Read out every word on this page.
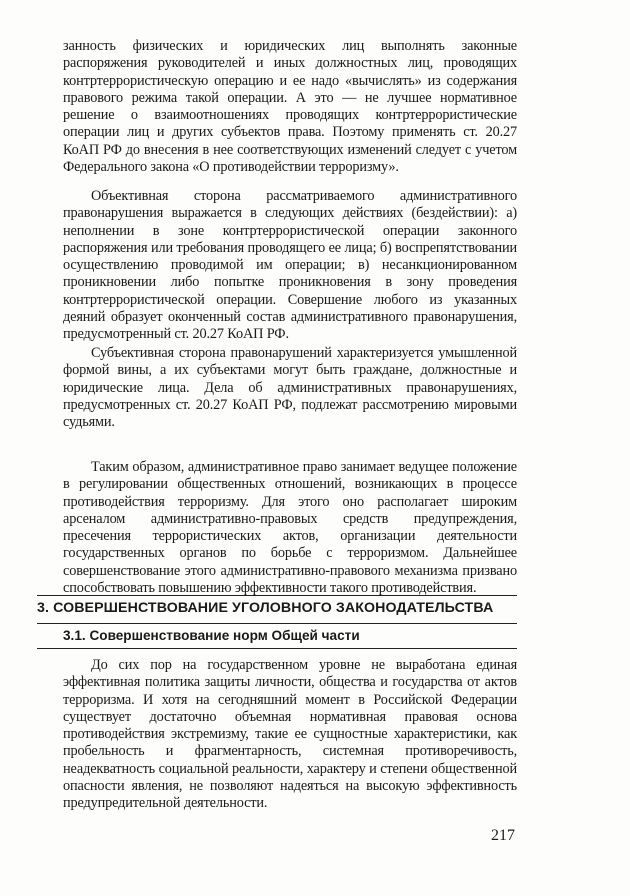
занность физических и юридических лиц выполнять законные распоряжения руководителей и иных должностных лиц, проводящих контртеррористическую операцию и ее надо «вычислять» из содержания правового режима такой операции. А это — не лучшее нормативное решение о взаимоотношениях проводящих контртеррористические операции лиц и других субъектов права. Поэтому применять ст. 20.27 КоАП РФ до внесения в нее соответствующих изменений следует с учетом Федерального закона «О противодействии терроризму».

Объективная сторона рассматриваемого административного правонарушения выражается в следующих действиях (бездействии): а) неполнении в зоне контртеррористической операции законного распоряжения или требования проводящего ее лица; б) воспрепятствовании осуществлению проводимой им операции; в) несанкционированном проникновении либо попытке проникновения в зону проведения контртеррористической операции. Совершение любого из указанных деяний образует оконченный состав административного правонарушения, предусмотренный ст. 20.27 КоАП РФ.

Субъективная сторона правонарушений характеризуется умышленной формой вины, а их субъектами могут быть граждане, должностные и юридические лица. Дела об административных правонарушениях, предусмотренных ст. 20.27 КоАП РФ, подлежат рассмотрению мировыми судьями.

Таким образом, административное право занимает ведущее положение в регулировании общественных отношений, возникающих в процессе противодействия терроризму. Для этого оно располагает широким арсеналом административно-правовых средств предупреждения, пресечения террористических актов, организации деятельности государственных органов по борьбе с терроризмом. Дальнейшее совершенствование этого административно-правового механизма призвано способствовать повышению эффективности такого противодействия.

3. СОВЕРШЕНСТВОВАНИЕ УГОЛОВНОГО ЗАКОНОДАТЕЛЬСТВА
3.1. Совершенствование норм Общей части

До сих пор на государственном уровне не выработана единая эффективная политика защиты личности, общества и государства от актов терроризма. И хотя на сегодняшний момент в Российской Федерации существует достаточно объемная нормативная правовая основа противодействия экстремизму, такие ее сущностные характеристики, как пробельность и фрагментарность, системная противоречивость, неадекватность социальной реальности, характеру и степени общественной опасности явления, не позволяют надеяться на высокую эффективность предупредительной деятельности.

217
